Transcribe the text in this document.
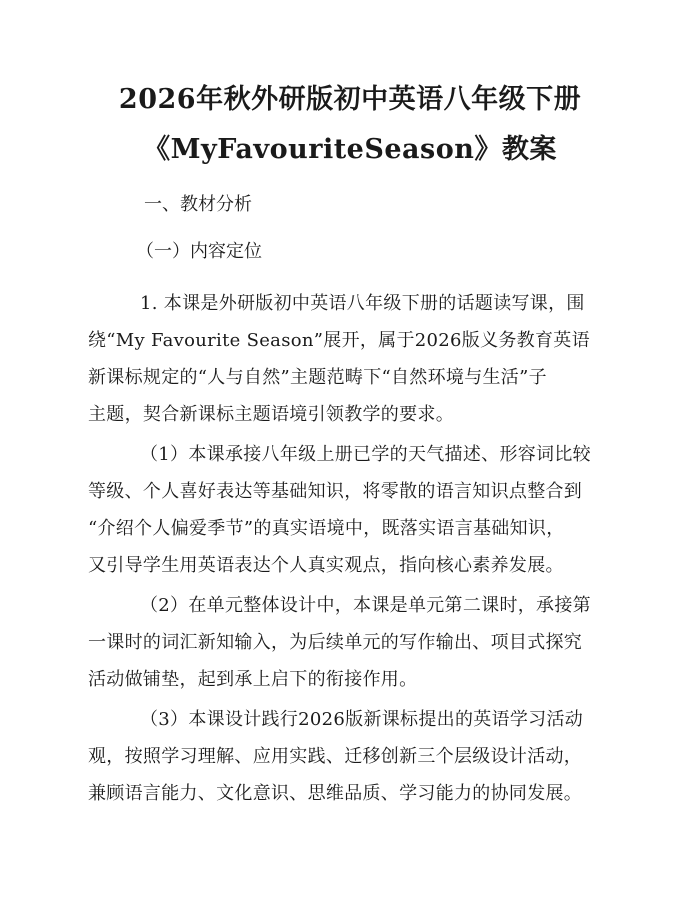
2026年秋外研版初中英语八年级下册
《MyFavouriteSeason》教案
一、教材分析
（一）内容定位
1. 本课是外研版初中英语八年级下册的话题读写课，围
绕“My Favourite Season”展开，属于2026版义务教育英语
新课标规定的“人与自然”主题范畴下“自然环境与生活”子
主题，契合新课标主题语境引领教学的要求。
（1）本课承接八年级上册已学的天气描述、形容词比较
等级、个人喜好表达等基础知识，将零散的语言知识点整合到
“介绍个人偏爱季节”的真实语境中，既落实语言基础知识，
又引导学生用英语表达个人真实观点，指向核心素养发展。
（2）在单元整体设计中，本课是单元第二课时，承接第
一课时的词汇新知输入，为后续单元的写作输出、项目式探究
活动做铺垫，起到承上启下的衔接作用。
（3）本课设计践行2026版新课标提出的英语学习活动
观，按照学习理解、应用实践、迁移创新三个层级设计活动，
兼顾语言能力、文化意识、思维品质、学习能力的协同发展。
